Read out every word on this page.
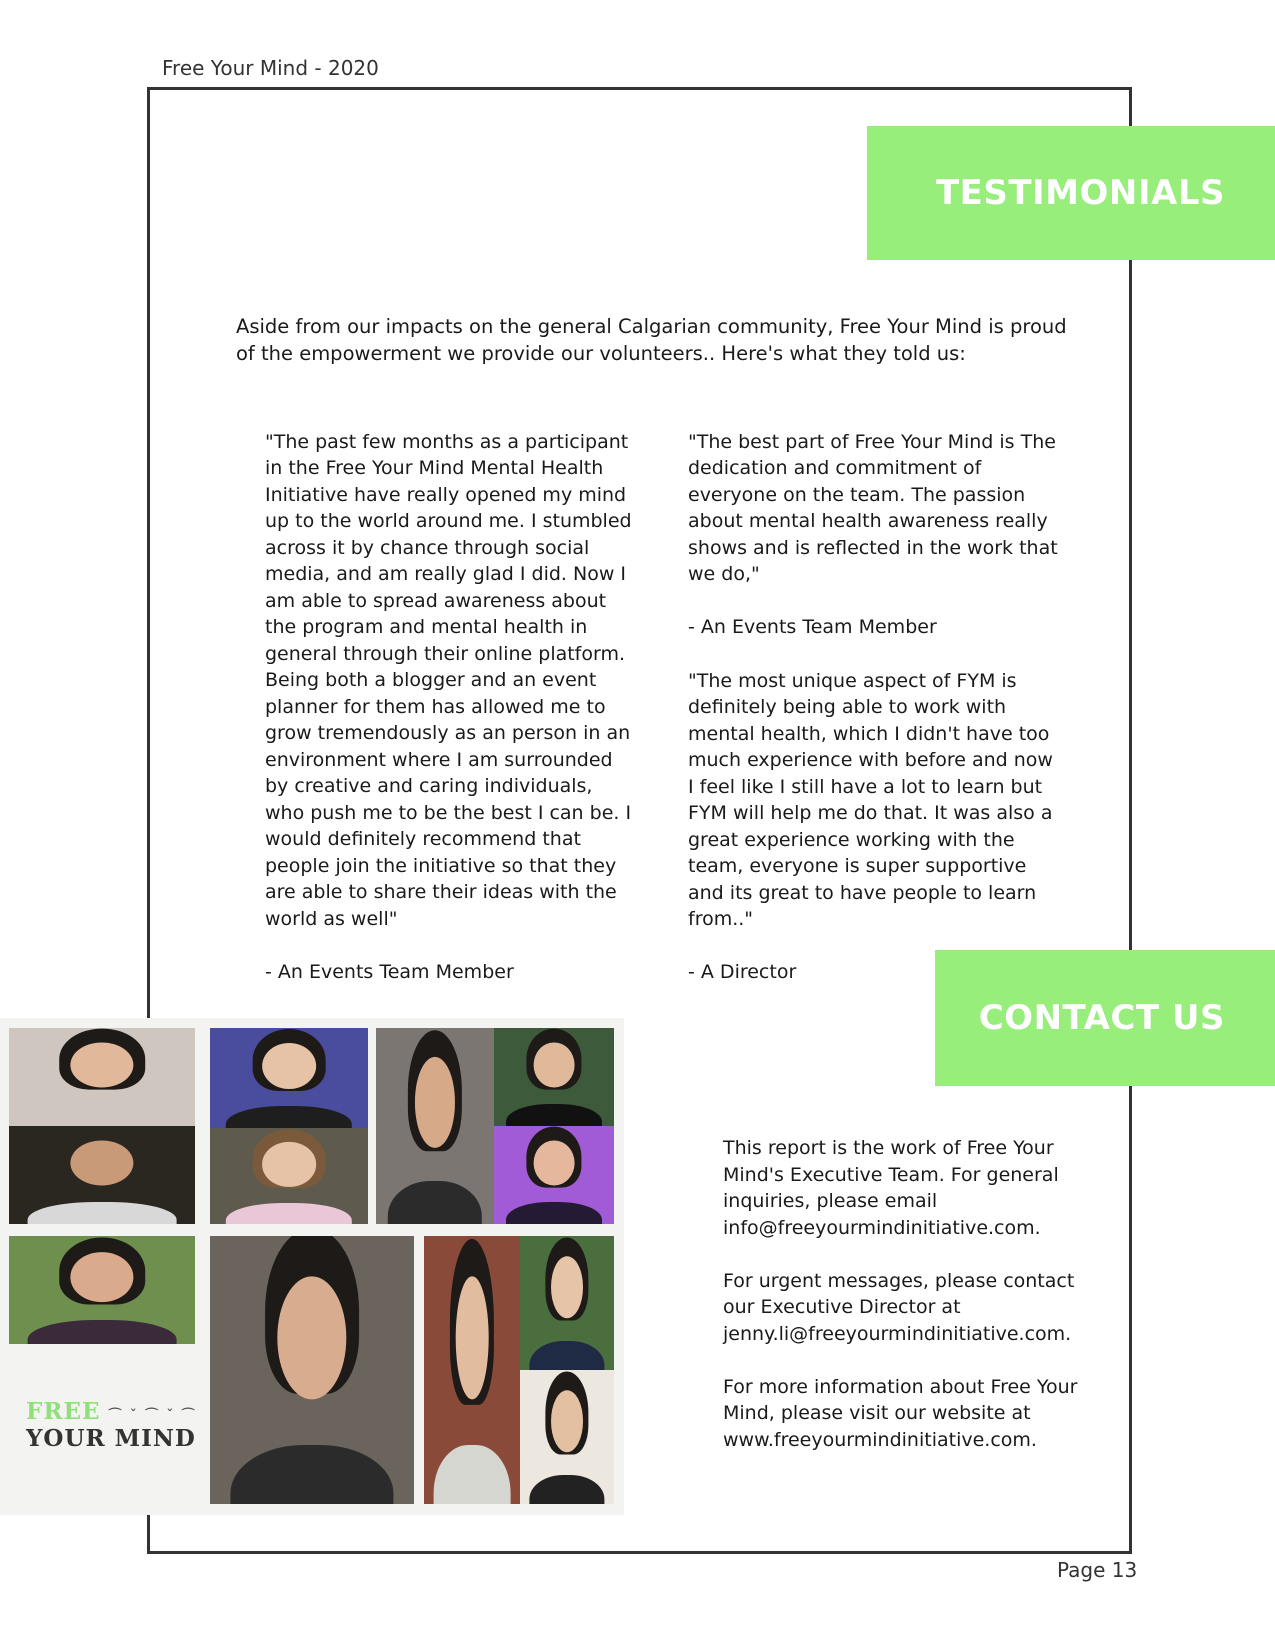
Free Your Mind - 2020
TESTIMONIALS
Aside from our impacts on the general Calgarian community, Free Your Mind is proud of the empowerment we provide our volunteers.. Here's what they told us:

"The past few months as a participant in the Free Your Mind Mental Health Initiative have really opened my mind up to the world around me. I stumbled across it by chance through social media, and am really glad I did. Now I am able to spread awareness about the program and mental health in general through their online platform. Being both a blogger and an event planner for them has allowed me to grow tremendously as an person in an environment where I am surrounded by creative and caring individuals, who push me to be the best I can be. I would definitely recommend that people join the initiative so that they are able to share their ideas with the world as well"

- An Events Team Member

"The best part of Free Your Mind is The dedication and commitment of everyone on the team. The passion about mental health awareness really shows and is reflected in the work that we do,"

- An Events Team Member

"The most unique aspect of FYM is definitely being able to work with mental health, which I didn't have too much experience with before and now I feel like I still have a lot to learn but FYM will help me do that. It was also a great experience working with the team, everyone is super supportive and its great to have people to learn from.."

- A Director

CONTACT US

This report is the work of Free Your Mind's Executive Team. For general inquiries, please email info@freeyourmindinitiative.com.

For urgent messages, please contact our Executive Director at jenny.li@freeyourmindinitiative.com.

For more information about Free Your Mind, please visit our website at www.freeyourmindinitiative.com.

FREE ⌒ ˇ ⌒ ˇ ⌒
YOUR MIND
Page 13
